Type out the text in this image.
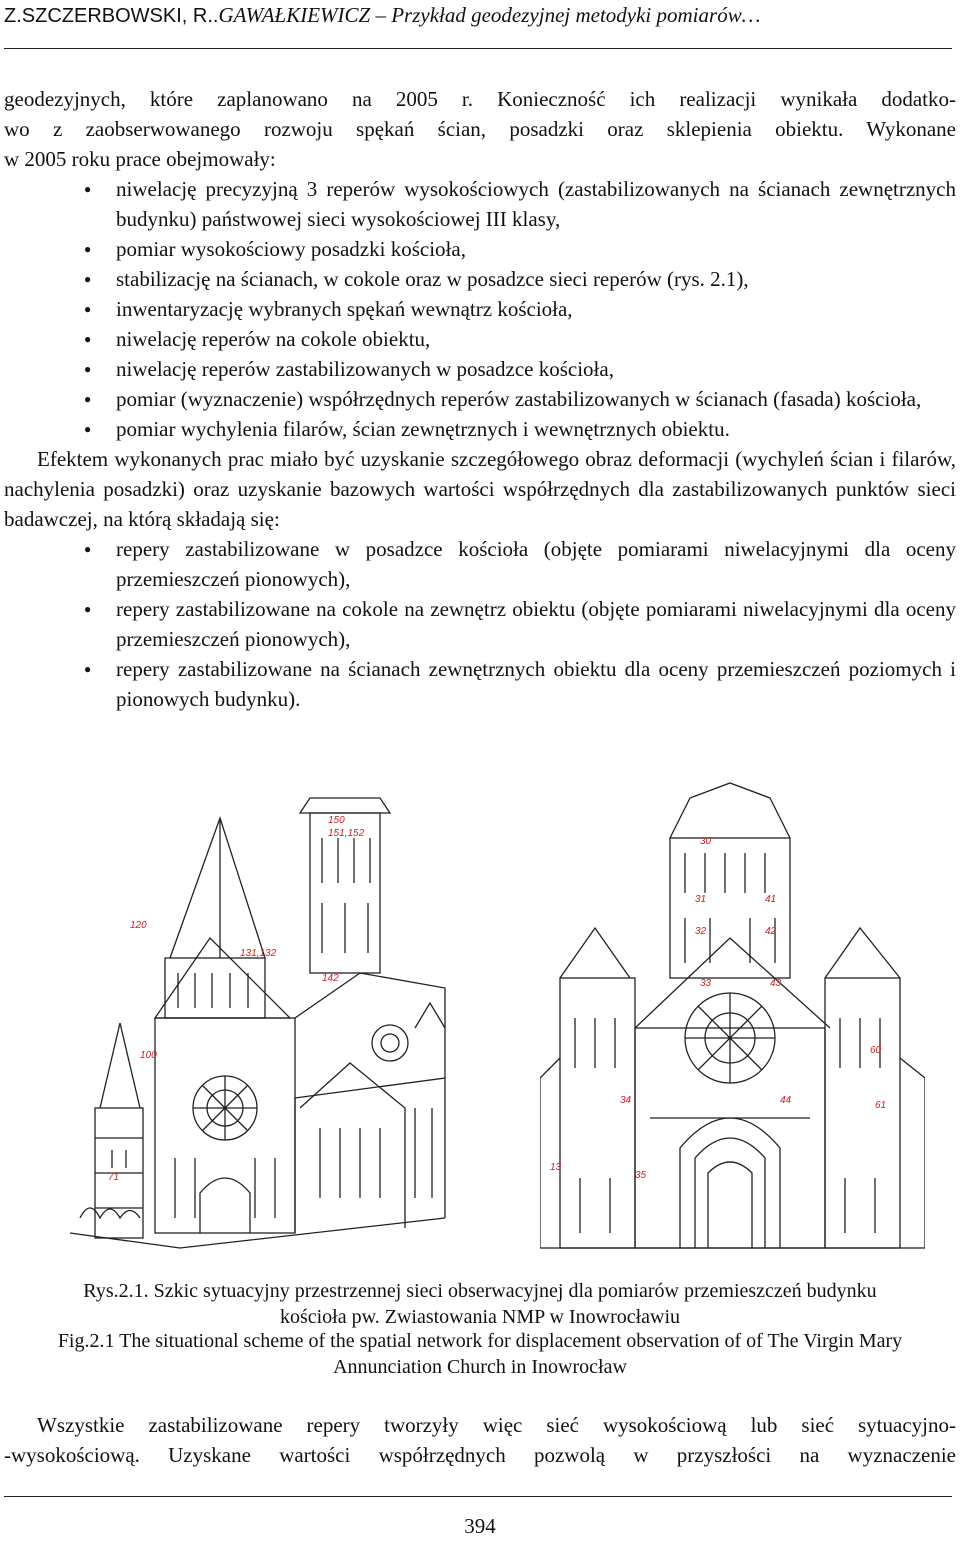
Z.SZCZERBOWSKI, R..GAWAŁKIEWICZ – Przykład geodezyjnej metodyki pomiarów…

geodezyjnych, które zaplanowano na 2005 r. Konieczność ich realizacji wynikała dodatko-

wo z zaobserwowanego rozwoju spękań ścian, posadzki oraz sklepienia obiektu. Wykonane

w 2005 roku prace obejmowały:

● niwelację precyzyjną 3 reperów wysokościowych (zastabilizowanych na ścianach zewnętrznych budynku) państwowej sieci wysokościowej III klasy,
● pomiar wysokościowy posadzki kościoła,
● stabilizację na ścianach, w cokole oraz w posadzce sieci reperów (rys. 2.1),
● inwentaryzację wybranych spękań wewnątrz kościoła,
● niwelację reperów na cokole obiektu,
● niwelację reperów zastabilizowanych w posadzce kościoła,
● pomiar (wyznaczenie) współrzędnych reperów zastabilizowanych w ścianach (fasada) kościoła,
● pomiar wychylenia filarów, ścian zewnętrznych i wewnętrznych obiektu.

Efektem wykonanych prac miało być uzyskanie szczegółowego obraz deformacji (wychyleń ścian i filarów, nachylenia posadzki) oraz uzyskanie bazowych wartości współrzędnych dla zastabilizowanych punktów sieci badawczej, na którą składają się:

● repery zastabilizowane w posadzce kościoła (objęte pomiarami niwelacyjnymi dla oceny przemieszczeń pionowych),
● repery zastabilizowane na cokole na zewnętrz obiektu (objęte pomiarami niwelacyjnymi dla oceny przemieszczeń pionowych),
● repery zastabilizowane na ścianach zewnętrznych obiektu dla oceny przemieszczeń poziomych i pionowych budynku).
150
151,152
120
131,132
142
100
71
30
31	41
32	42
33	43
60
34	44	61
13
35
Rys.2.1. Szkic sytuacyjny przestrzennej sieci obserwacyjnej dla pomiarów przemieszczeń budynku
kościoła pw. Zwiastowania NMP w Inowrocławiu
Fig.2.1 The situational scheme of the spatial network for displacement observation of of The Virgin Mary
Annunciation Church in Inowrocław

Wszystkie zastabilizowane repery tworzyły więc sieć wysokościową lub sieć sytuacyjno-

-wysokościową. Uzyskane wartości współrzędnych pozwolą w przyszłości na wyznaczenie

394
